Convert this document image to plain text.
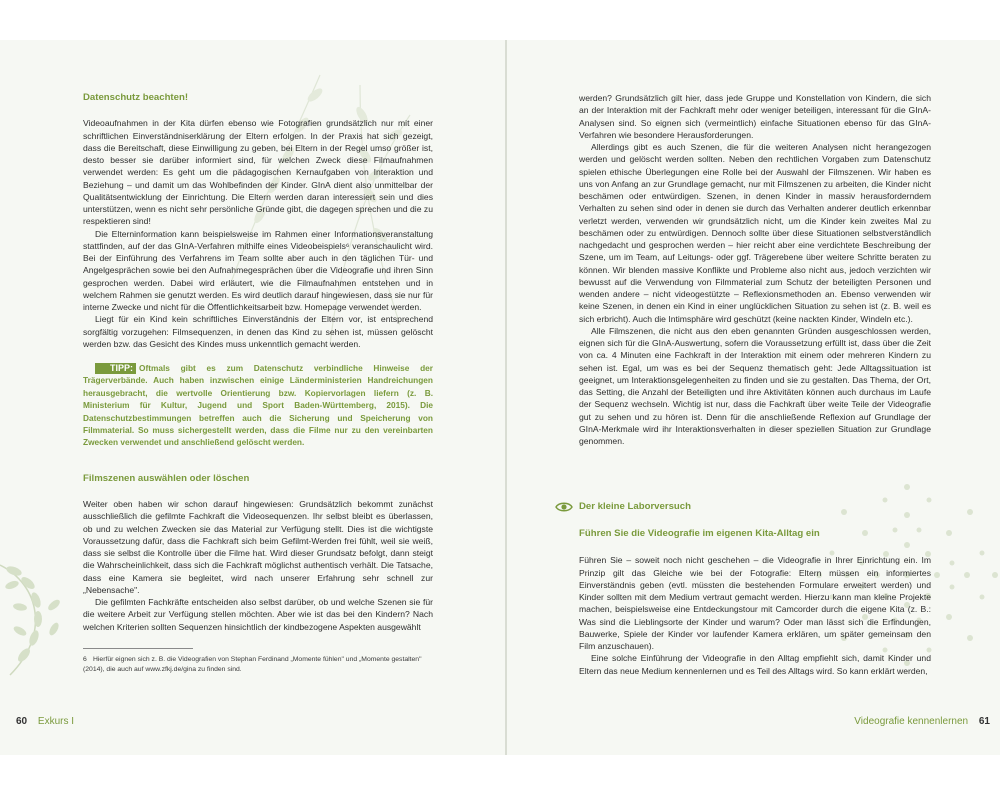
Datenschutz beachten!

Videoaufnahmen in der Kita dürfen ebenso wie Fotografien grundsätzlich nur mit einer schriftlichen Einverständniserklärung der Eltern erfolgen. In der Praxis hat sich gezeigt, dass die Bereitschaft, diese Einwilligung zu geben, bei Eltern in der Regel umso größer ist, desto besser sie darüber informiert sind, für welchen Zweck diese Filmaufnahmen verwendet werden: Es geht um die pädagogischen Kernaufgaben von Interaktion und Beziehung – und damit um das Wohlbefinden der Kinder. GInA dient also unmittelbar der Qualitätsentwicklung der Einrichtung. Die Eltern werden daran interessiert sein und dies unterstützen, wenn es nicht sehr persönliche Gründe gibt, die dagegen sprechen und die zu respektieren sind!

Die Elterninformation kann beispielsweise im Rahmen einer Informationsveranstaltung stattfinden, auf der das GInA-Verfahren mithilfe eines Videobeispiels⁶ veranschaulicht wird. Bei der Einführung des Verfahrens im Team sollte aber auch in den täglichen Tür- und Angelgesprächen sowie bei den Aufnahmegesprächen über die Videografie und ihren Sinn gesprochen werden. Dabei wird erläutert, wie die Filmaufnahmen entstehen und in welchem Rahmen sie genutzt werden. Es wird deutlich darauf hingewiesen, dass sie nur für interne Zwecke und nicht für die Öffentlichkeitsarbeit bzw. Homepage verwendet werden.

Liegt für ein Kind kein schriftliches Einverständnis der Eltern vor, ist entsprechend sorgfältig vorzugehen: Filmsequenzen, in denen das Kind zu sehen ist, müssen gelöscht werden bzw. das Gesicht des Kindes muss unkenntlich gemacht werden.

TIPP: Oftmals gibt es zum Datenschutz verbindliche Hinweise der Trägerverbände. Auch haben inzwischen einige Länderministerien Handreichungen herausgebracht, die wertvolle Orientierung bzw. Kopiervorlagen liefern (z. B. Ministerium für Kultur, Jugend und Sport Baden-Württemberg, 2015). Die Datenschutzbestimmungen betreffen auch die Sicherung und Speicherung von Filmmaterial. So muss sichergestellt werden, dass die Filme nur zu den vereinbarten Zwecken verwendet und anschließend gelöscht werden.

Filmszenen auswählen oder löschen

Weiter oben haben wir schon darauf hingewiesen: Grundsätzlich bekommt zunächst ausschließlich die gefilmte Fachkraft die Videosequenzen. Ihr selbst bleibt es überlassen, ob und zu welchen Zwecken sie das Material zur Verfügung stellt. Dies ist die wichtigste Voraussetzung dafür, dass die Fachkraft sich beim Gefilmt-Werden frei fühlt, weil sie weiß, dass sie selbst die Kontrolle über die Filme hat. Wird dieser Grundsatz befolgt, dann steigt die Wahrscheinlichkeit, dass sich die Fachkraft möglichst authentisch verhält. Die Tatsache, dass eine Kamera sie begleitet, wird nach unserer Erfahrung sehr schnell zur „Nebensache".

Die gefilmten Fachkräfte entscheiden also selbst darüber, ob und welche Szenen sie für die weitere Arbeit zur Verfügung stellen möchten. Aber wie ist das bei den Kindern? Nach welchen Kriterien sollten Sequenzen hinsichtlich der kindbezogene Aspekten ausgewählt

6 Hierfür eignen sich z. B. die Videografien von Stephan Ferdinand „Momente fühlen" und „Momente gestalten" (2014), die auch auf www.zfkj.de/gina zu finden sind.
60 Exkurs I

werden? Grundsätzlich gilt hier, dass jede Gruppe und Konstellation von Kindern, die sich an der Interaktion mit der Fachkraft mehr oder weniger beteiligen, interessant für die GInA-Analysen sind. So eignen sich (vermeintlich) einfache Situationen ebenso für das GInA-Verfahren wie besondere Herausforderungen.

Allerdings gibt es auch Szenen, die für die weiteren Analysen nicht herangezogen werden und gelöscht werden sollten. Neben den rechtlichen Vorgaben zum Datenschutz spielen ethische Überlegungen eine Rolle bei der Auswahl der Filmszenen. Wir haben es uns von Anfang an zur Grundlage gemacht, nur mit Filmszenen zu arbeiten, die Kinder nicht beschämen oder entwürdigen. Szenen, in denen Kinder in massiv herausforderndem Verhalten zu sehen sind oder in denen sie durch das Verhalten anderer deutlich erkennbar verletzt werden, verwenden wir grundsätzlich nicht, um die Kinder kein zweites Mal zu beschämen oder zu entwürdigen. Dennoch sollte über diese Situationen selbstverständlich nachgedacht und gesprochen werden – hier reicht aber eine verdichtete Beschreibung der Szene, um im Team, auf Leitungs- oder ggf. Trägerebene über weitere Schritte beraten zu können. Wir blenden massive Konflikte und Probleme also nicht aus, jedoch verzichten wir bewusst auf die Verwendung von Filmmaterial zum Schutz der beteiligten Personen und wenden andere – nicht videogestützte – Reflexionsmethoden an. Ebenso verwenden wir keine Szenen, in denen ein Kind in einer unglücklichen Situation zu sehen ist (z. B. weil es sich erbricht). Auch die Intimsphäre wird geschützt (keine nackten Kinder, Windeln etc.).

Alle Filmszenen, die nicht aus den eben genannten Gründen ausgeschlossen werden, eignen sich für die GInA-Auswertung, sofern die Voraussetzung erfüllt ist, dass über die Zeit von ca. 4 Minuten eine Fachkraft in der Interaktion mit einem oder mehreren Kindern zu sehen ist. Egal, um was es bei der Sequenz thematisch geht: Jede Alltagssituation ist geeignet, um Interaktionsgelegenheiten zu finden und sie zu gestalten. Das Thema, der Ort, das Setting, die Anzahl der Beteiligten und ihre Aktivitäten können auch durchaus im Laufe der Sequenz wechseln. Wichtig ist nur, dass die Fachkraft über weite Teile der Videografie gut zu sehen und zu hören ist. Denn für die anschließende Reflexion auf Grundlage der GInA-Merkmale wird ihr Interaktionsverhalten in dieser speziellen Situation zur Grundlage genommen.

Der kleine Laborversuch

Führen Sie die Videografie im eigenen Kita-Alltag ein

Führen Sie – soweit noch nicht geschehen – die Videografie in Ihrer Einrichtung ein. Im Prinzip gilt das Gleiche wie bei der Fotografie: Eltern müssen ein informiertes Einverständnis geben (evtl. müssten die bestehenden Formulare erweitert werden) und Kinder sollten mit dem Medium vertraut gemacht werden. Hierzu kann man kleine Projekte machen, beispielsweise eine Entdeckungstour mit Camcorder durch die eigene Kita (z. B.: Was sind die Lieblingsorte der Kinder und warum? Oder man lässt sich die Erfindungen, Bauwerke, Spiele der Kinder vor laufender Kamera erklären, um später gemeinsam den Film anzuschauen).

Eine solche Einführung der Videografie in den Alltag empfiehlt sich, damit Kinder und Eltern das neue Medium kennenlernen und es Teil des Alltags wird. So kann erklärt werden,

Videografie kennenlernen 61
